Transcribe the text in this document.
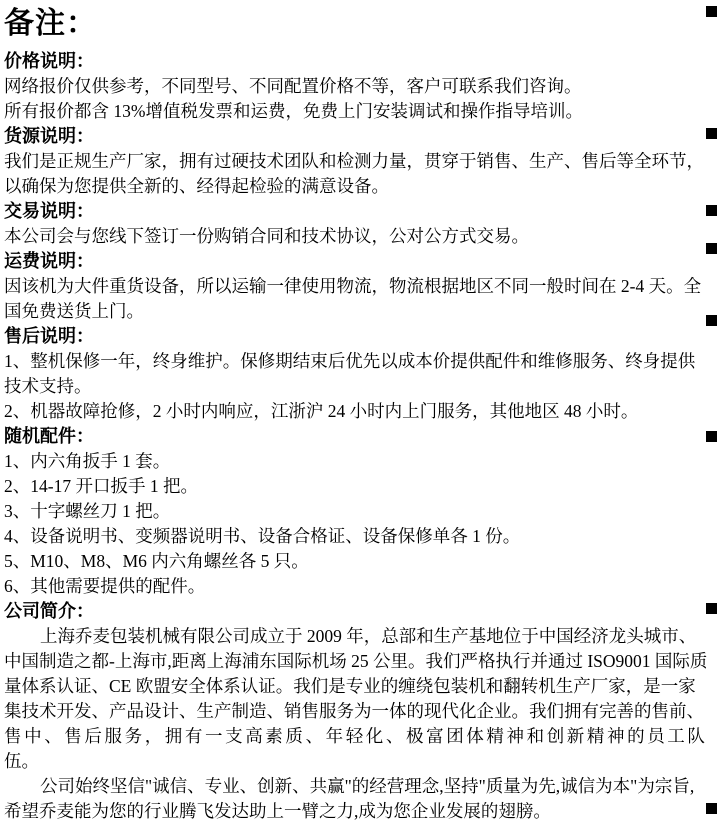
备注：
价格说明：
网络报价仅供参考，不同型号、不同配置价格不等，客户可联系我们咨询。
所有报价都含 13%增值税发票和运费，免费上门安装调试和操作指导培训。
货源说明：
我们是正规生产厂家，拥有过硬技术团队和检测力量，贯穿于销售、生产、售后等全环节，
以确保为您提供全新的、经得起检验的满意设备。
交易说明：
本公司会与您线下签订一份购销合同和技术协议，公对公方式交易。
运费说明：
因该机为大件重货设备，所以运输一律使用物流，物流根据地区不同一般时间在 2-4 天。全
国免费送货上门。
售后说明：
1、整机保修一年，终身维护。保修期结束后优先以成本价提供配件和维修服务、终身提供
技术支持。
2、机器故障抢修，2 小时内响应，江浙沪 24 小时内上门服务，其他地区 48 小时。
随机配件：
1、内六角扳手 1 套。
2、14-17 开口扳手 1 把。
3、十字螺丝刀 1 把。
4、设备说明书、变频器说明书、设备合格证、设备保修单各 1 份。
5、M10、M8、M6 内六角螺丝各 5 只。
6、其他需要提供的配件。
公司简介：
上海乔麦包装机械有限公司成立于 2009 年，总部和生产基地位于中国经济龙头城市、
中国制造之都-上海市,距离上海浦东国际机场 25 公里。我们严格执行并通过 ISO9001 国际质
量体系认证、CE 欧盟安全体系认证。我们是专业的缠绕包装机和翻转机生产厂家，是一家
集技术开发、产品设计、生产制造、销售服务为一体的现代化企业。我们拥有完善的售前、
售中、售后服务，拥有一支高素质、年轻化、极富团体精神和创新精神的员工队
伍。
公司始终坚信"诚信、专业、创新、共赢"的经营理念,坚持"质量为先,诚信为本"为宗旨,
希望乔麦能为您的行业腾飞发达助上一臂之力,成为您企业发展的翅膀。
